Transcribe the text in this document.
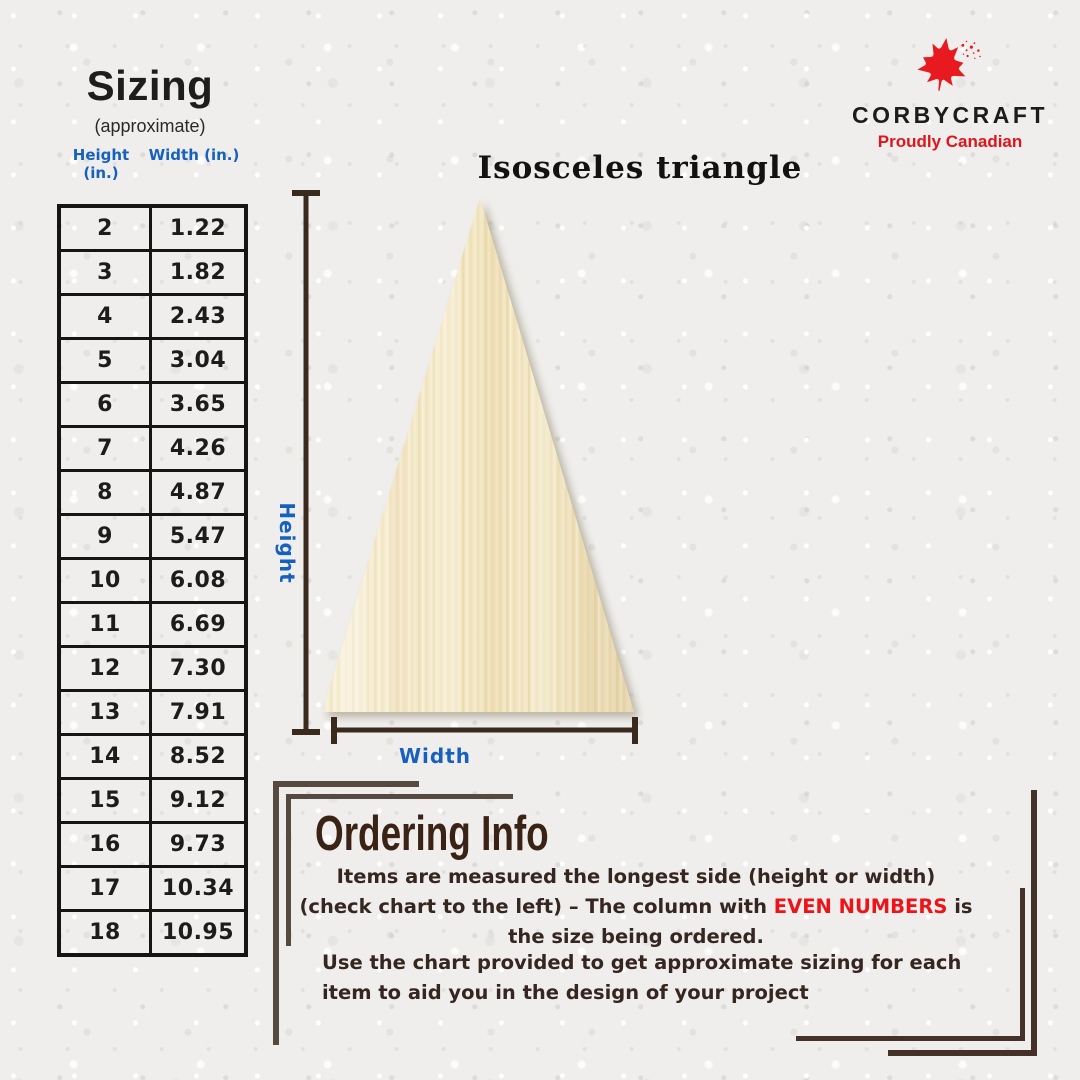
Sizing
(approximate)
Height (in.)
Width (in.)
2	1.22
3	1.82
4	2.43
5	3.04
6	3.65
7	4.26
8	4.87
9	5.47
10	6.08
11	6.69
12	7.30
13	7.91
14	8.52
15	9.12
16	9.73
17	10.34
18	10.95
CORBYCRAFT
Proudly Canadian
Isosceles triangle
Height
Width
Ordering Info
Items are measured the longest side (height or width) (check chart to the left) – The column with EVEN NUMBERS is the size being ordered.
Use the chart provided to get approximate sizing for each item to aid you in the design of your project
